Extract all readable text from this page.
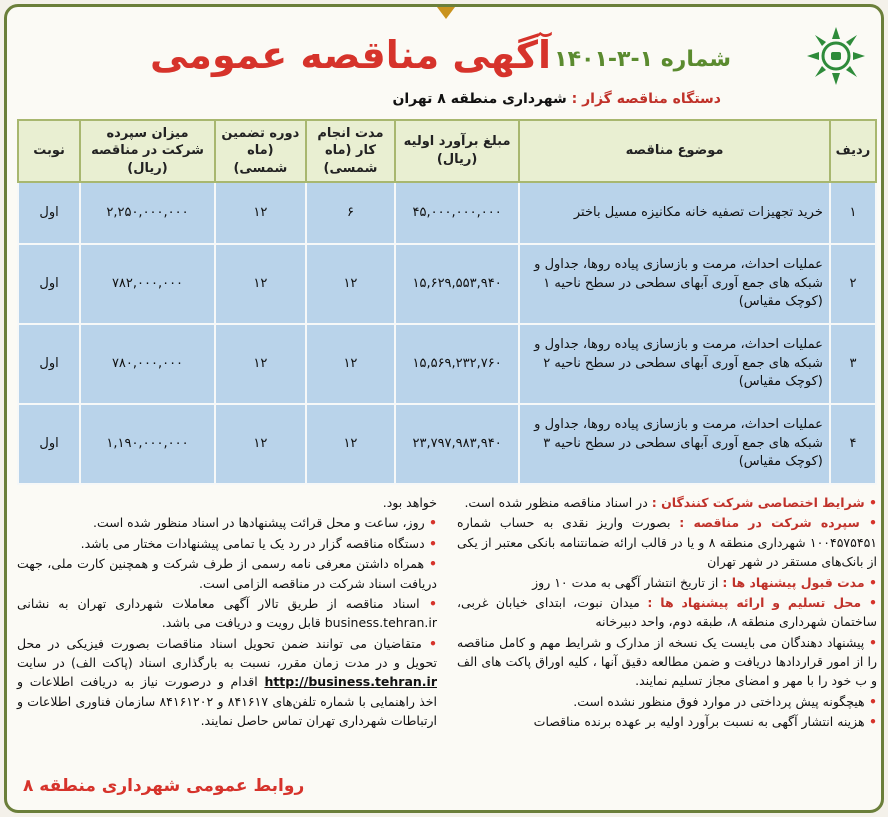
آگهی مناقصه عمومی شماره ۱-۳-۱۴۰۱
دستگاه مناقصه گزار : شهرداری منطقه ۸ تهران
ردیف	موضوع مناقصه	مبلغ برآورد اولیه (ریال)	مدت انجام کار (ماه شمسی)	دوره تضمین (ماه شمسی)	میزان سپرده شرکت در مناقصه (ریال)	نوبت
۱	خرید تجهیزات تصفیه خانه مکانیزه مسیل باختر	۴۵,۰۰۰,۰۰۰,۰۰۰	۶	۱۲	۲,۲۵۰,۰۰۰,۰۰۰	اول
۲	عملیات احداث، مرمت و بازسازی پیاده روها، جداول و شبکه های جمع آوری آبهای سطحی در سطح ناحیه ۱ (کوچک مقیاس)	۱۵,۶۲۹,۵۵۳,۹۴۰	۱۲	۱۲	۷۸۲,۰۰۰,۰۰۰	اول
۳	عملیات احداث، مرمت و بازسازی پیاده روها، جداول و شبکه های جمع آوری آبهای سطحی در سطح ناحیه ۲ (کوچک مقیاس)	۱۵,۵۶۹,۲۳۲,۷۶۰	۱۲	۱۲	۷۸۰,۰۰۰,۰۰۰	اول
۴	عملیات احداث، مرمت و بازسازی پیاده روها، جداول و شبکه های جمع آوری آبهای سطحی در سطح ناحیه ۳ (کوچک مقیاس)	۲۳,۷۹۷,۹۸۳,۹۴۰	۱۲	۱۲	۱,۱۹۰,۰۰۰,۰۰۰	اول
• شرایط اختصاصی شرکت کنندگان : در اسناد مناقصه منظور شده است.
• سپرده شرکت در مناقصه : بصورت واریز نقدی به حساب شماره ۱۰۰۴۵۷۵۴۵۱ شهرداری منطقه ۸ و یا در قالب ارائه ضمانتنامه بانکی معتبر از یکی از بانک‌های مستقر در شهر تهران
• مدت قبول پیشنهاد ها : از تاریخ انتشار آگهی به مدت ۱۰ روز
• محل تسلیم و ارائه پیشنهاد ها : میدان نبوت، ابتدای خیابان غربی، ساختمان شهرداری منطقه ۸، طبقه دوم، واحد دبیرخانه
• پیشنهاد دهندگان می بایست یک نسخه از مدارک و شرایط مهم و کامل مناقصه را از امور قراردادها دریافت و ضمن مطالعه دقیق آنها ، کلیه اوراق پاکت های الف و ب خود را با مهر و امضای مجاز تسلیم نمایند.
• هیچگونه پیش پرداختی در موارد فوق منظور نشده است.
• هزینه انتشار آگهی به نسبت برآورد اولیه بر عهده برنده مناقصات
خواهد بود.
• روز، ساعت و محل قرائت پیشنهادها در اسناد منظور شده است.
• دستگاه مناقصه گزار در رد یک یا تمامی پیشنهادات مختار می باشد.
• همراه داشتن معرفی نامه رسمی از طرف شرکت و همچنین کارت ملی، جهت دریافت اسناد شرکت در مناقصه الزامی است.
• اسناد مناقصه از طریق تالار آگهی معاملات شهرداری تهران به نشانی business.tehran.ir قابل رویت و دریافت می باشد.
• متقاضیان می توانند ضمن تحویل اسناد مناقصات بصورت فیزیکی در محل تحویل و در مدت زمان مقرر، نسبت به بارگذاری اسناد (پاکت الف) در سایت http://business.tehran.ir اقدام و درصورت نیاز به دریافت اطلاعات و اخذ راهنمایی با شماره تلفن‌های ۸۴۱۶۱۷ و ۸۴۱۶۱۲۰۲ سازمان فناوری اطلاعات و ارتباطات شهرداری تهران تماس حاصل نمایند.
روابط عمومی شهرداری منطقه ۸
